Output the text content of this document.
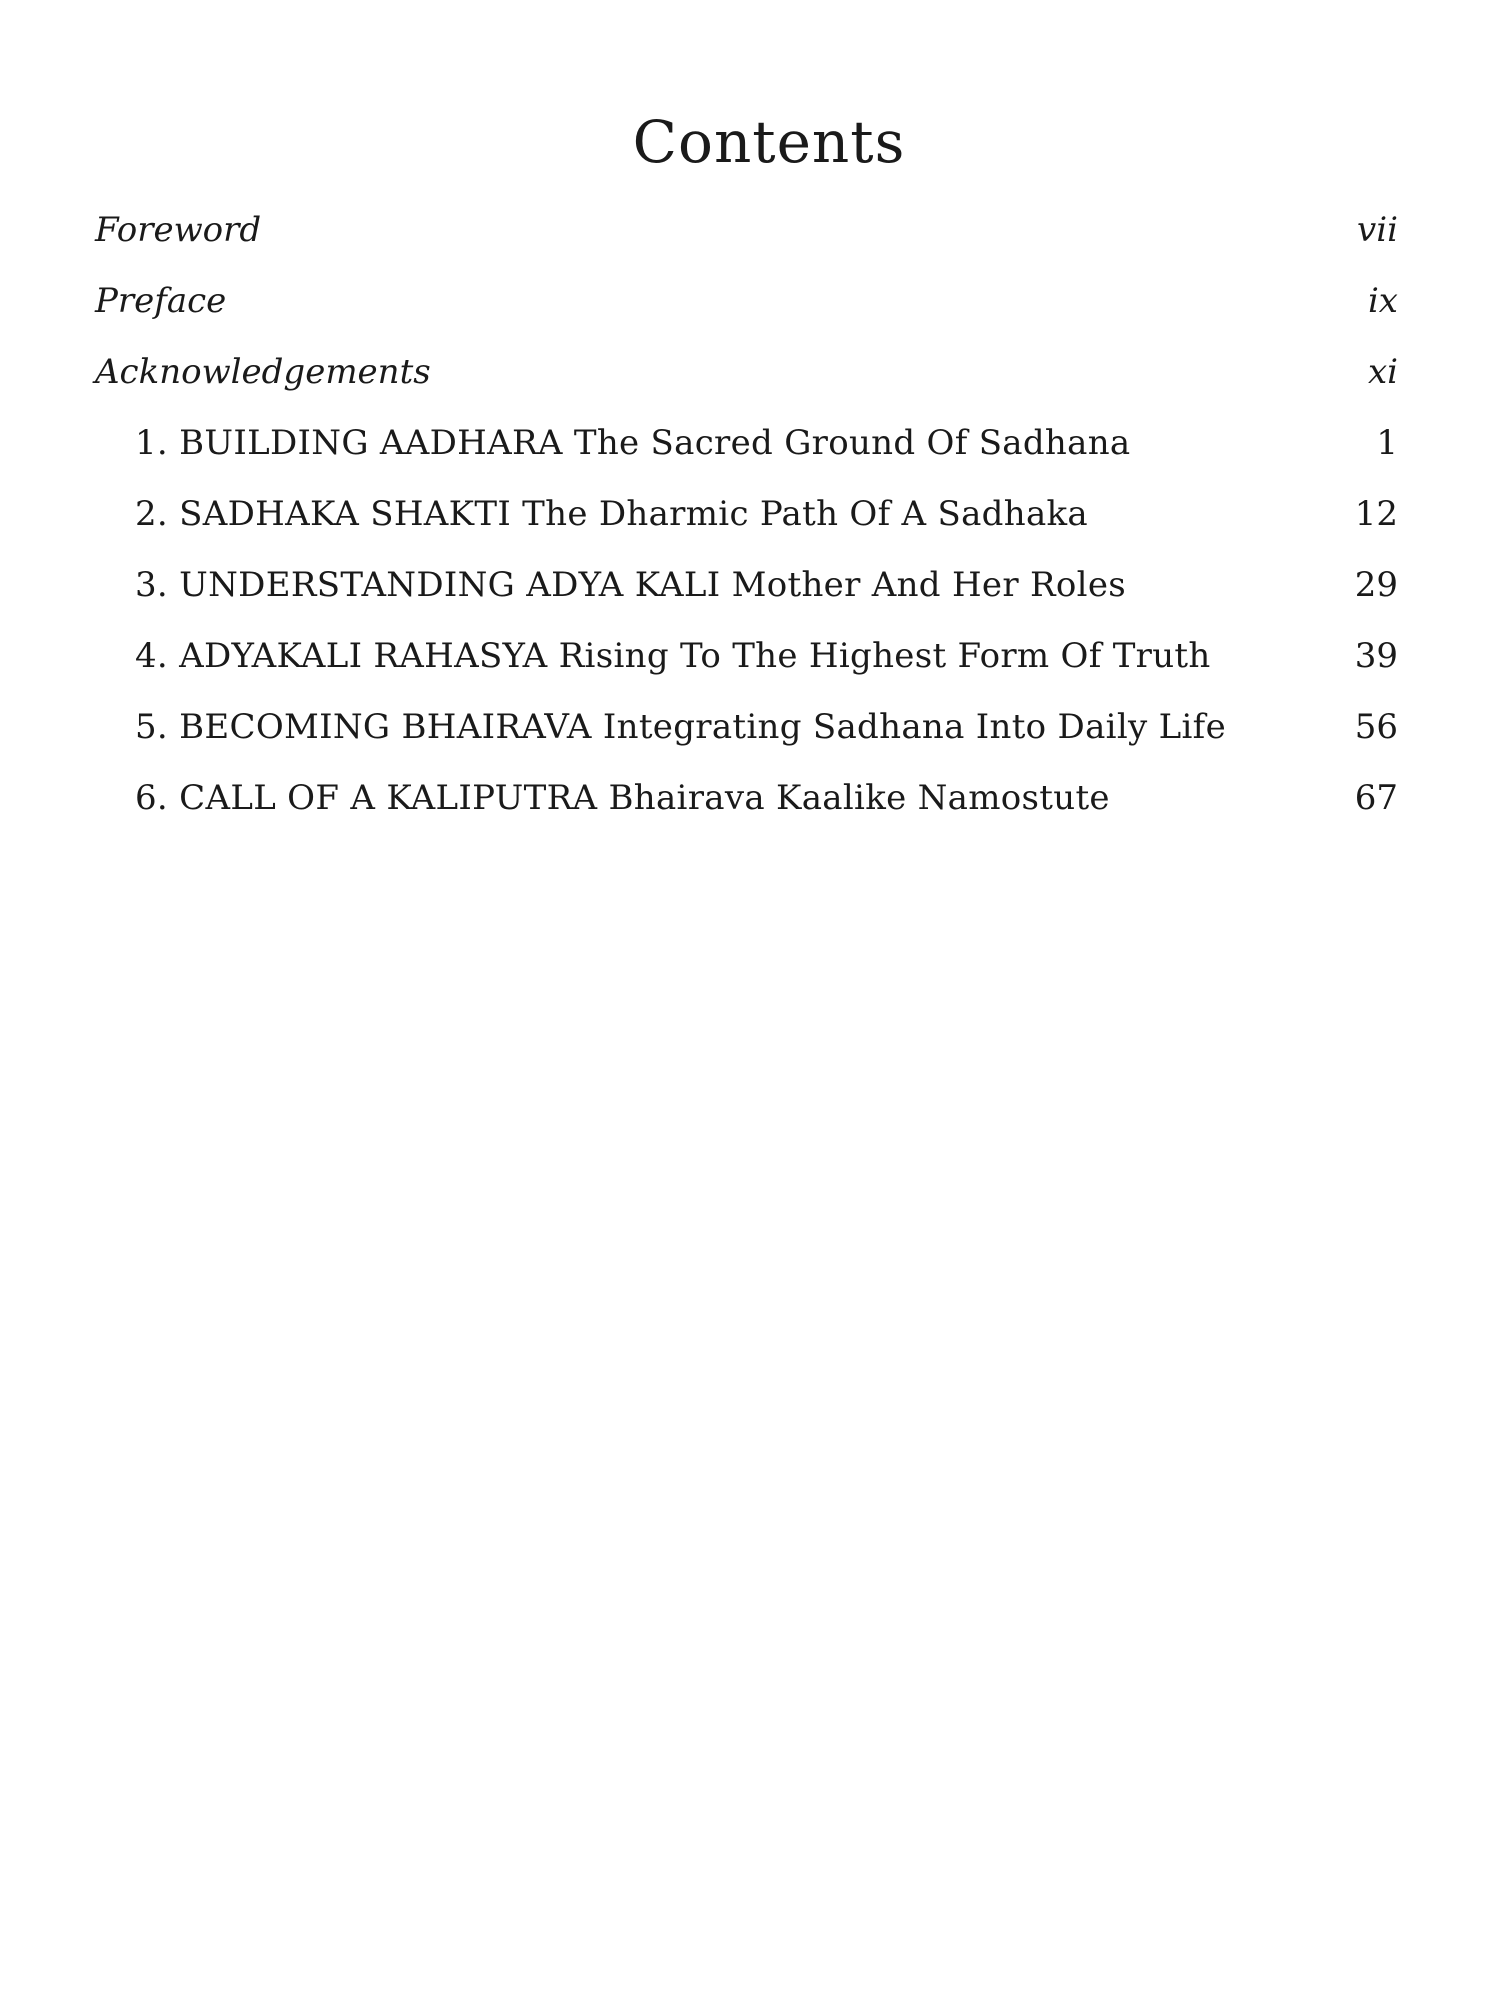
Contents
Foreword	vii
Preface	ix
Acknowledgements	xi
1. BUILDING AADHARA The Sacred Ground Of Sadhana	1
2. SADHAKA SHAKTI The Dharmic Path Of A Sadhaka	12
3. UNDERSTANDING ADYA KALI Mother And Her Roles	29
4. ADYAKALI RAHASYA Rising To The Highest Form Of Truth	39
5. BECOMING BHAIRAVA Integrating Sadhana Into Daily Life	56
6. CALL OF A KALIPUTRA Bhairava Kaalike Namostute	67
